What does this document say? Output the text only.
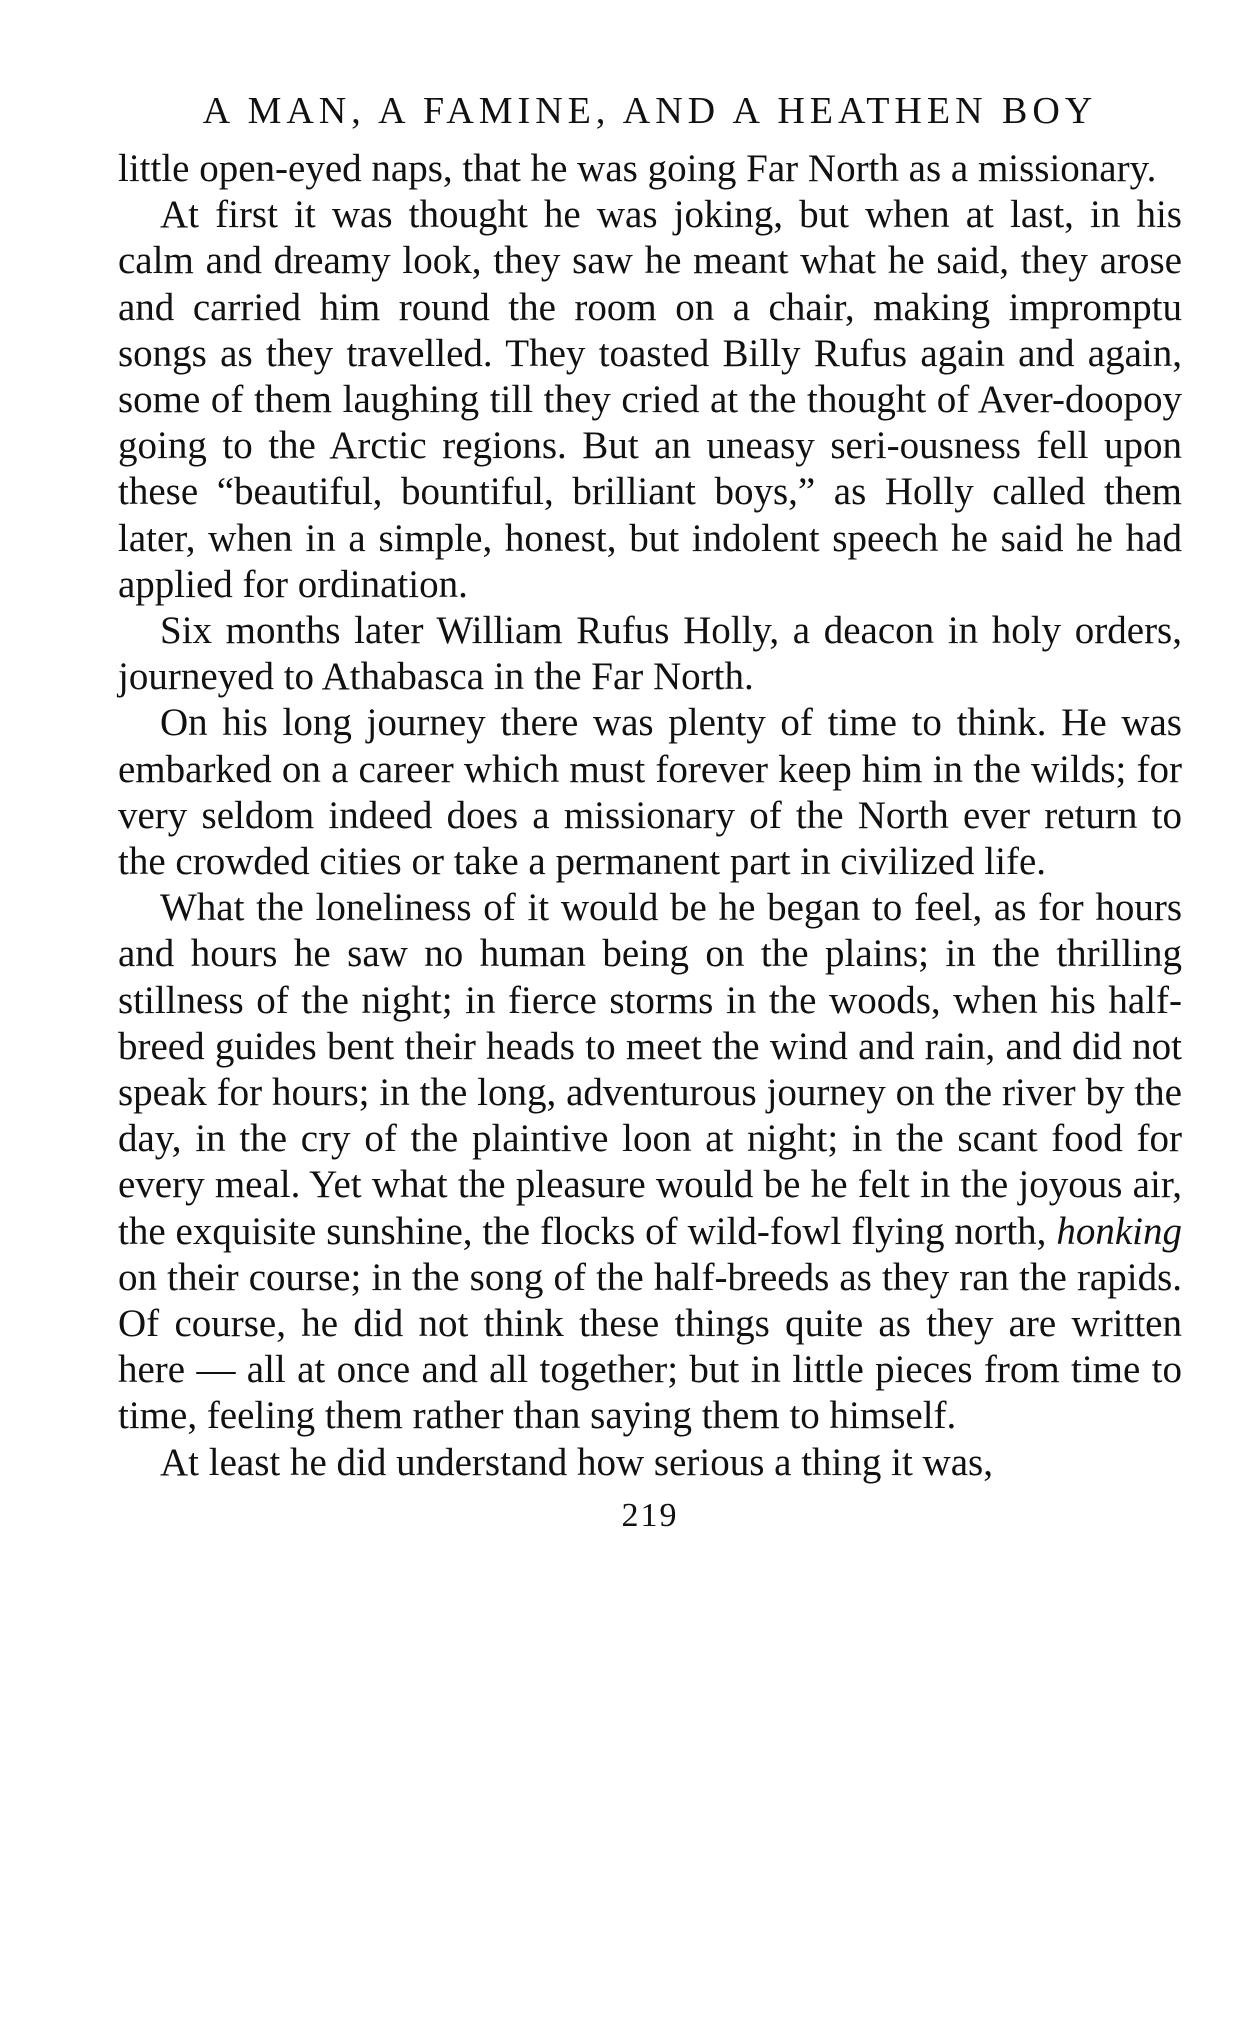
A MAN, A FAMINE, AND A HEATHEN BOY

little open-eyed naps, that he was going Far North as a missionary.

At first it was thought he was joking, but when at last, in his calm and dreamy look, they saw he meant what he said, they arose and carried him round the room on a chair, making impromptu songs as they travelled. They toasted Billy Rufus again and again, some of them laughing till they cried at the thought of Aver-doopoy going to the Arctic regions. But an uneasy seri-ousness fell upon these “beautiful, bountiful, brilliant boys,” as Holly called them later, when in a simple, honest, but indolent speech he said he had applied for ordination.

Six months later William Rufus Holly, a deacon in holy orders, journeyed to Athabasca in the Far North.

On his long journey there was plenty of time to think. He was embarked on a career which must forever keep him in the wilds; for very seldom indeed does a missionary of the North ever return to the crowded cities or take a permanent part in civilized life.

What the loneliness of it would be he began to feel, as for hours and hours he saw no human being on the plains; in the thrilling stillness of the night; in fierce storms in the woods, when his half-breed guides bent their heads to meet the wind and rain, and did not speak for hours; in the long, adventurous journey on the river by the day, in the cry of the plaintive loon at night; in the scant food for every meal. Yet what the pleasure would be he felt in the joyous air, the exquisite sunshine, the flocks of wild-fowl flying north, honking on their course; in the song of the half-breeds as they ran the rapids. Of course, he did not think these things quite as they are written here — all at once and all together; but in little pieces from time to time, feeling them rather than saying them to himself.

At least he did understand how serious a thing it was,

219
